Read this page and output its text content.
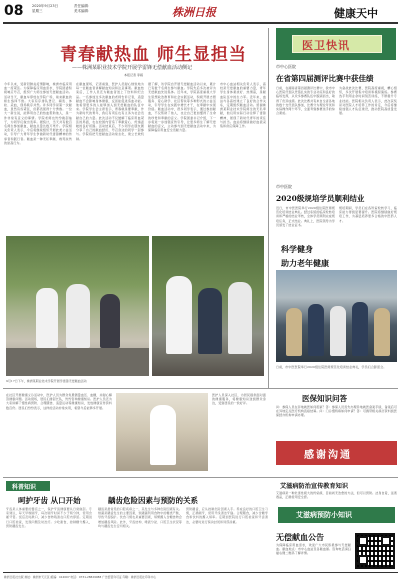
08 2020年9月23日
星期三
责任编辑：
美术编辑：	株洲日报	健康天中
青春献热血 师生显担当
——株洲某职业技术学院开展学雷锋无偿献血活动侧记
本报记者 李娟
今年以来，受新冠肺炎疫情影响，株洲市临床用血一度紧张。为保障临床用血需求，学院团委积极响应号召，组织广大师生参加无偿献血活动。活动当天，献血车停放在学院广场，前来献血的师生络绎不绝。大家有序排队登记、填表、体检、采血，现场秩序井然。许多同学是第一次献血，虽然有些紧张，但都表现得十分勇敢。一位大一新生说，能够用自己的热血帮助他人，是一件非常有意义的事情。学院老师也纷纷挽起袖子，为同学们做出表率。据统计，当天共有数百名师生参加献血，献血总量达数万毫升。学院相关负责人表示，今后将继续组织开展此类公益活动，引导广大青年学生争做新时代雷锋精神的传承者和践行者。献血是一种无私奉献、救死扶伤的崇高行为。
在献血现场，记者看到，医护人员耐心细致地为每一位献血者讲解献血知识和注意事项。献血结束后，工作人员还为献血者送上了饮料和纪念品。一名参加过多次献血的老师告诉记者，适量献血不会影响身体健康，反而能促进造血功能。他希望更多的人能够加入到无偿献血的队伍中来。学院学生会主席表示，青春就是要奉献，作为新时代的青年，我们有责任也有义务为社会贡献自己的力量。此次活动不仅缓解了临床用血紧张的局面，也在校园内营造了奉献爱心、传递温暖的良好氛围。活动结束后，不少同学在朋友圈分享了自己的献血经历，号召身边的同学一起参与。学院将把无偿献血活动常态化，建立长效机制。
据了解，该学院自开展无偿献血活动以来，累计已有数千名师生参与献血。学院先后多次被评为无偿献血先进集体。近年来，学院高度重视大学生思想政治教育和社会实践活动，积极开展志愿服务、爱心助学、社区帮扶等多种形式的公益活动，引导学生在实践中增长才干，在奉献中实现价值。献血活动中，很多同学表示，通过参加献血，不仅帮助了他人，也让自己更加懂得了生命的珍贵和奉献的意义。学院团委书记介绍，下一步将进一步加强宣传引导，让更多师生了解无偿献血的意义，主动参与到无偿献血活动中来，为保障临床用血安全贡献力量。
市中心血站相关负责人表示，高校是无偿献血的重要力量，青年学生身体素质好、热情高，是献血队伍中的生力军。近年来，血站与各高校建立了良好的合作关系，定期组织献血活动。感谢株洲某职业技术学院师生的无私奉献，他们用实际行动诠释了雷锋精神，展现了新时代青年的责任与担当。血站将继续做好血液采集和供应保障工作。
9月17日下午，株洲某职业技术学院开展学雷锋无偿献血活动
科学健身
助力老年健康
医卫快讯
市中心医院
在省第四届测评比赛中获佳绩
日前，在湖南省第四届测评比赛中，我市中心医院代表队凭借扎实的专业功底和良好的临场发挥，从众多参赛队伍中脱颖而出，取得了优异成绩。此次比赛共有来自全省各地的数十支代表队参加，比赛分为理论考试和实际操作两个环节，全面考察参赛选手的综合素质。
为备战此次比赛，医院高度重视，精心组织，多次开展集中培训和模拟演练。参赛选手利用业余时间刻苦训练，不断提升专业技能。医院相关负责人表示，此次获奖是对医院人才培养工作的肯定，今后将继续加强人才队伍建设，推动医院高质量发展。
市中医院
2020级规培学员顺利结业
近日，市中医医院举行2020级住院医师规范化培训结业典礼。经过系统的临床轮转培训和严格的结业考核，全体学员顺利完成规培任务，正式结业。典礼上，医院领导为学员颁发了结业证书。
规培期间，学员们在各科室轮转学习，临床能力得到显著提升。医院将继续做好规培工作，为基层培养更多合格的中医药人才。
日前，市中医医院举行2020级住院医师规范化培训结业典礼，学员们合影留念。
在社区开展健康义诊活动中，医护人员为群众免费测量血压、血糖，并耐心解答健康问题。活动现场，居民们排起长队，纷纷咨询健康知识。医护人员还为大家讲解了慢性病预防、合理膳食、适量运动等健康知识，发放健康宣传资料数百份。居民们纷纷表示，这样的活动非常实用，希望今后能够多开展。
医护人员深入社区，为居民提供面对面的健康服务，将健康知识送到群众身边，受到居民的一致好评。
医保知识问答
问：参保人员在异地就医如何报销？答：参保人员需先办理异地就医备案手续，备案后可在异地定点医疗机构直接结算。问：门诊慢特病如何申请？答：可携带相关病历资料到医保经办机构申请办理。
感谢沟通
科普知识
呵护牙齿 从口开始
牙齿是人体重要的器官之一，保护牙齿健康要从日常做起。专家建议，每天早晚刷牙，每次刷牙时间不少于两分钟，使用含氟牙膏。饭后及时漱口，减少食物残渣在口腔内停留。定期进行口腔检查，发现问题及时治疗。少吃甜食，控制糖分摄入，预防龋齿发生。
龋齿危险因素与预防的关系
龋齿是最常见的口腔疾病之一，其发生与多种危险因素有关。细菌是龋齿发生的主要因素，致龋菌利用食物中的糖类产酸，导致牙齿脱矿。饮食习惯也是重要因素，频繁摄入含糖食物会增加龋齿风险。此外，牙齿结构、唾液分泌、口腔卫生状况等均与龋齿发生密切相关。
预防龋齿，应从控制危险因素入手。养成良好的口腔卫生习惯，正确刷牙，使用牙线清洁牙缝。合理膳食，减少含糖零食和饮料的摄入频率。定期到医院进行口腔检查和牙齿清洁，必要时进行窝沟封闭和局部涂氟。
艾滋病防治宣传教育知识
艾滋病是一种危害性极大的传染病，目前尚无治愈的方法，但可以预防。洁身自爱，远离毒品，正确使用安全套。
艾滋病预防小知识
无偿献血公告
为保障临床用血需求，欢迎广大市民积极参与无偿献血。献血地点：市中心血站及各献血屋。咨询电话请扫描右侧二维码了解详情。
株洲日报社出版 地址：株洲市天元区 邮编：412007 电话：0731-28829988 广告经营许可证 印刷：株洲日报社印务中心
